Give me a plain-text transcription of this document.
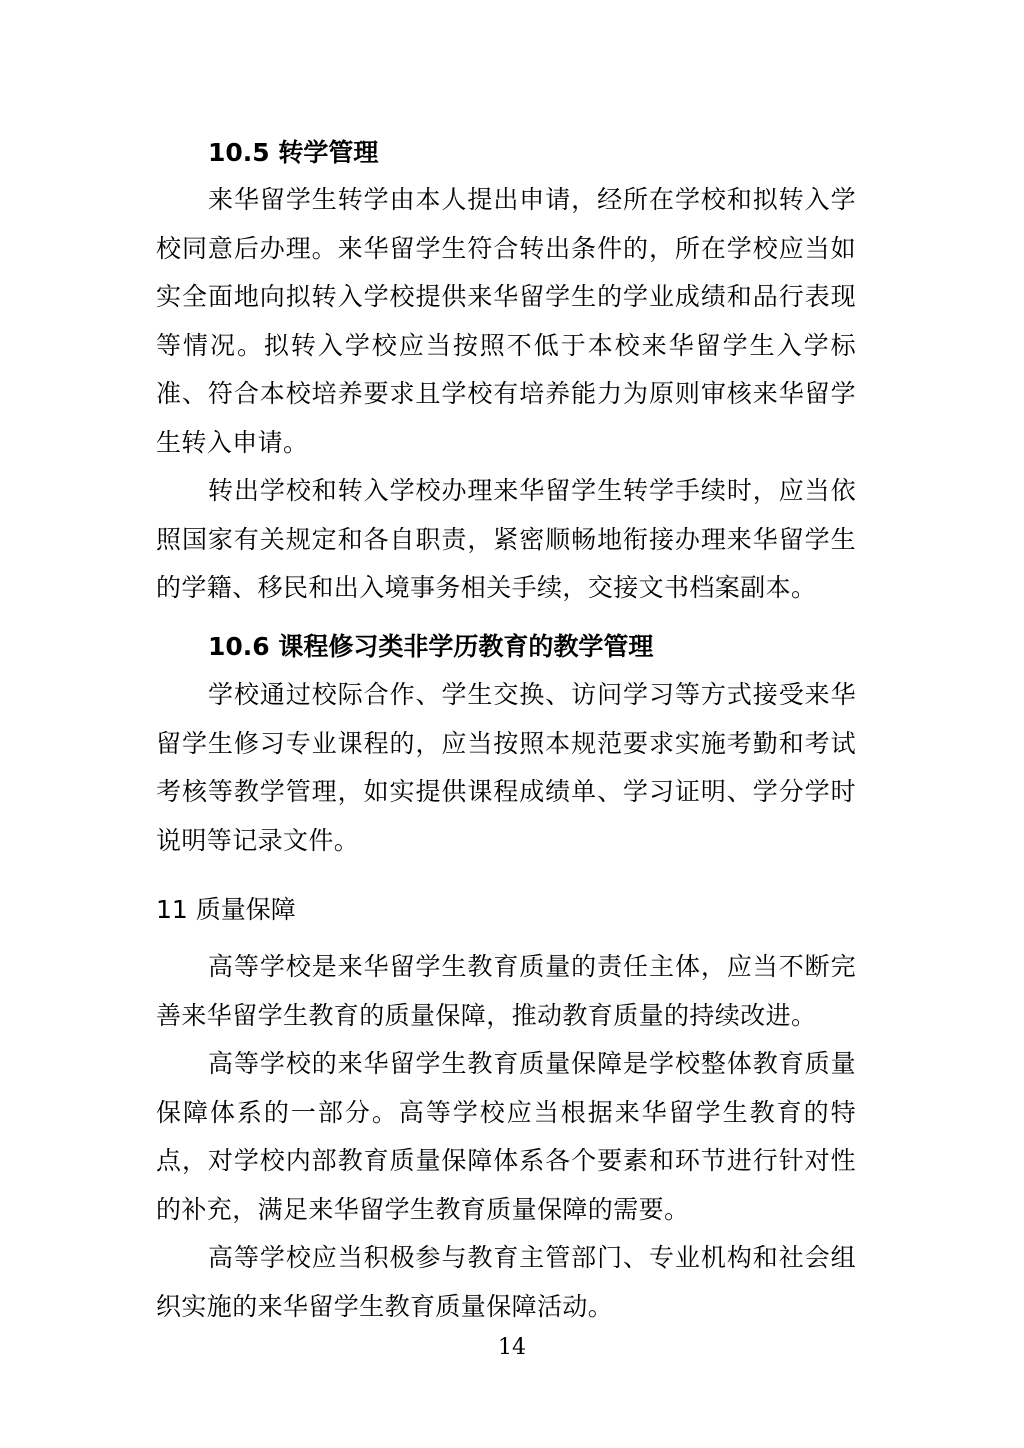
10.5 转学管理
来华留学生转学由本人提出申请，经所在学校和拟转入学校同意后办理。来华留学生符合转出条件的，所在学校应当如实全面地向拟转入学校提供来华留学生的学业成绩和品行表现等情况。拟转入学校应当按照不低于本校来华留学生入学标准、符合本校培养要求且学校有培养能力为原则审核来华留学生转入申请。
转出学校和转入学校办理来华留学生转学手续时，应当依照国家有关规定和各自职责，紧密顺畅地衔接办理来华留学生的学籍、移民和出入境事务相关手续，交接文书档案副本。
10.6 课程修习类非学历教育的教学管理
学校通过校际合作、学生交换、访问学习等方式接受来华留学生修习专业课程的，应当按照本规范要求实施考勤和考试考核等教学管理，如实提供课程成绩单、学习证明、学分学时说明等记录文件。
11 质量保障
高等学校是来华留学生教育质量的责任主体，应当不断完善来华留学生教育的质量保障，推动教育质量的持续改进。
高等学校的来华留学生教育质量保障是学校整体教育质量保障体系的一部分。高等学校应当根据来华留学生教育的特点，对学校内部教育质量保障体系各个要素和环节进行针对性的补充，满足来华留学生教育质量保障的需要。
高等学校应当积极参与教育主管部门、专业机构和社会组织实施的来华留学生教育质量保障活动。
14
